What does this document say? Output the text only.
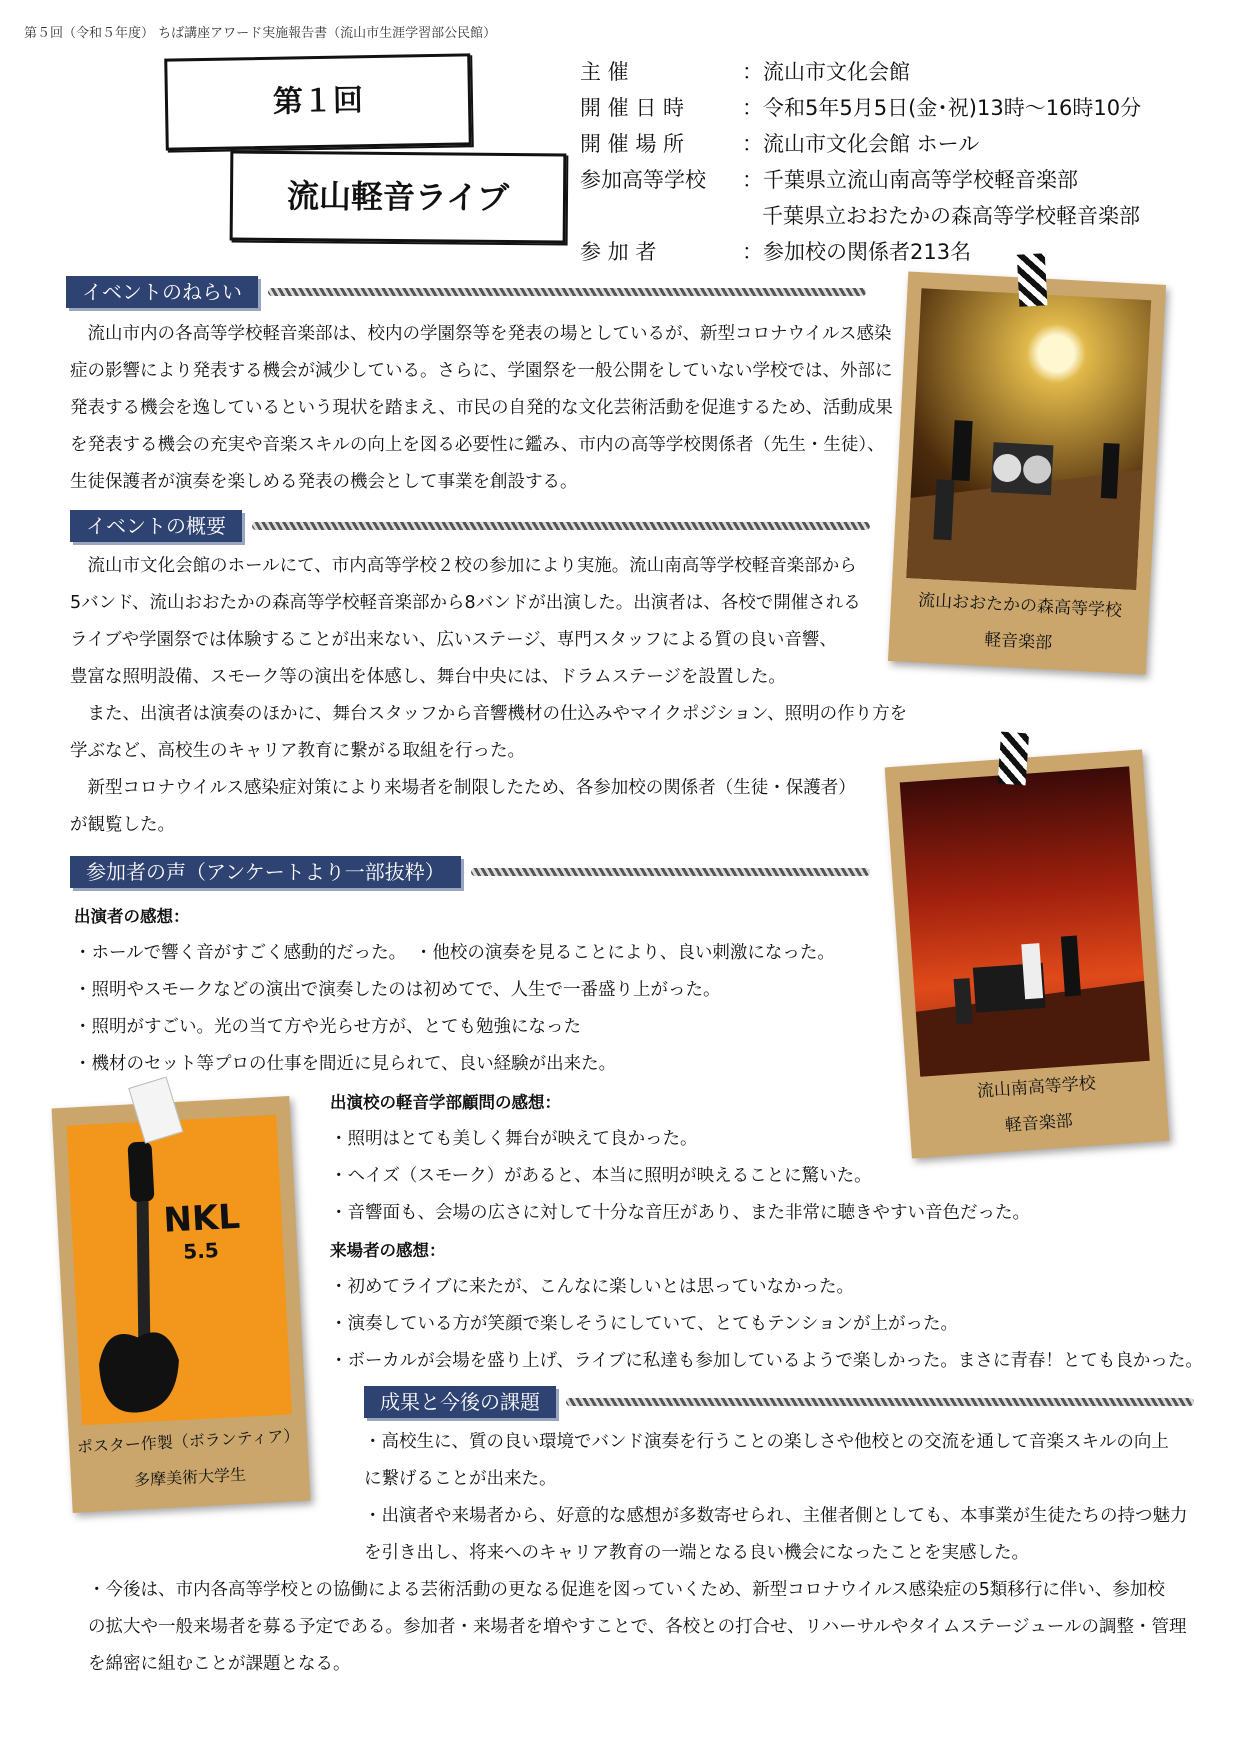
第５回（令和５年度） ちば講座アワード実施報告書（流山市生涯学習部公民館）
第１回
流山軽音ライブ
主 催	：流山市文化会館
開 催 日 時	：令和5年5月5日(金･祝)13時～16時10分
開 催 場 所	：流山市文化会館 ホール
参加高等学校	：千葉県立流山南高等学校軽音楽部
千葉県立おおたかの森高等学校軽音楽部
参 加 者	：参加校の関係者213名
イベントのねらい

　流山市内の各高等学校軽音楽部は、校内の学園祭等を発表の場としているが、新型コロナウイルス感染

症の影響により発表する機会が減少している。さらに、学園祭を一般公開をしていない学校では、外部に

発表する機会を逸しているという現状を踏まえ、市民の自発的な文化芸術活動を促進するため、活動成果

を発表する機会の充実や音楽スキルの向上を図る必要性に鑑み、市内の高等学校関係者（先生・生徒）、

生徒保護者が演奏を楽しめる発表の機会として事業を創設する。

イベントの概要

　流山市文化会館のホールにて、市内高等学校２校の参加により実施。流山南高等学校軽音楽部から

5バンド、流山おおたかの森高等学校軽音楽部から8バンドが出演した。出演者は、各校で開催される

ライブや学園祭では体験することが出来ない、広いステージ、専門スタッフによる質の良い音響、

豊富な照明設備、スモーク等の演出を体感し、舞台中央には、ドラムステージを設置した。

　また、出演者は演奏のほかに、舞台スタッフから音響機材の仕込みやマイクポジション、照明の作り方を

学ぶなど、高校生のキャリア教育に繋がる取組を行った。

　新型コロナウイルス感染症対策により来場者を制限したため、各参加校の関係者（生徒・保護者）

が観覧した。

参加者の声（アンケートより一部抜粋）

出演者の感想：

・ホールで響く音がすごく感動的だった。　・他校の演奏を見ることにより、良い刺激になった。

・照明やスモークなどの演出で演奏したのは初めてで、人生で一番盛り上がった。

・照明がすごい。光の当て方や光らせ方が、とても勉強になった

・機材のセット等プロの仕事を間近に見られて、良い経験が出来た。

出演校の軽音学部顧問の感想：

・照明はとても美しく舞台が映えて良かった。

・ヘイズ（スモーク）があると、本当に照明が映えることに驚いた。

・音響面も、会場の広さに対して十分な音圧があり、また非常に聴きやすい音色だった。

来場者の感想：

・初めてライブに来たが、こんなに楽しいとは思っていなかった。

・演奏している方が笑顔で楽しそうにしていて、とてもテンションが上がった。

・ボーカルが会場を盛り上げ、ライブに私達も参加しているようで楽しかった。まさに青春！とても良かった。

成果と今後の課題

・高校生に、質の良い環境でバンド演奏を行うことの楽しさや他校との交流を通して音楽スキルの向上

に繋げることが出来た。

・出演者や来場者から、好意的な感想が多数寄せられ、主催者側としても、本事業が生徒たちの持つ魅力

を引き出し、将来へのキャリア教育の一端となる良い機会になったことを実感した。

・今後は、市内各高等学校との協働による芸術活動の更なる促進を図っていくため、新型コロナウイルス感染症の5類移行に伴い、参加校

の拡大や一般来場者を募る予定である。参加者・来場者を増やすことで、各校との打合せ、リハーサルやタイムステージュールの調整・管理

を綿密に組むことが課題となる。

流山おおたかの森高等学校
軽音楽部
流山南高等学校
軽音楽部
NKL
5.5
ポスター作製（ボランティア）
多摩美術大学生
